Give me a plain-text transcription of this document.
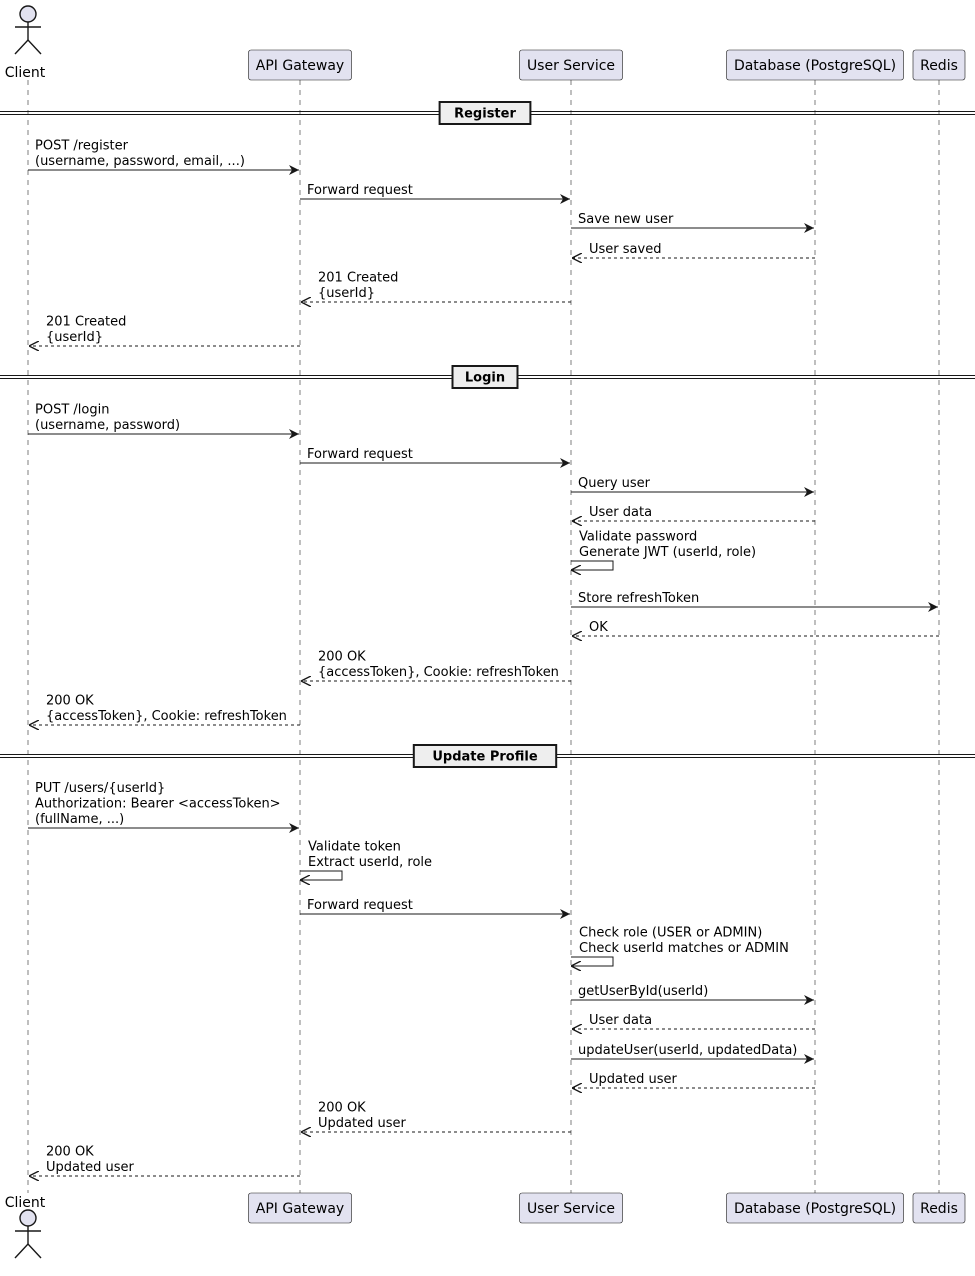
Register
Login
Update Profile
POST /register
(username, password, email, ...)
Forward request
Save new user
User saved
201 Created
{userId}
201 Created
{userId}
POST /login
(username, password)
Forward request
Query user
User data
Validate password
Generate JWT (userId, role)
Store refreshToken
OK
200 OK
{accessToken}, Cookie: refreshToken
200 OK
{accessToken}, Cookie: refreshToken
PUT /users/{userId}
Authorization: Bearer <accessToken>
(fullName, ...)
Validate token
Extract userId, role
Forward request
Check role (USER or ADMIN)
Check userId matches or ADMIN
getUserById(userId)
User data
updateUser(userId, updatedData)
Updated user
200 OK
Updated user
200 OK
Updated user
Client
Client
API Gateway
API Gateway
User Service
User Service
Database (PostgreSQL)
Database (PostgreSQL)
Redis
Redis
